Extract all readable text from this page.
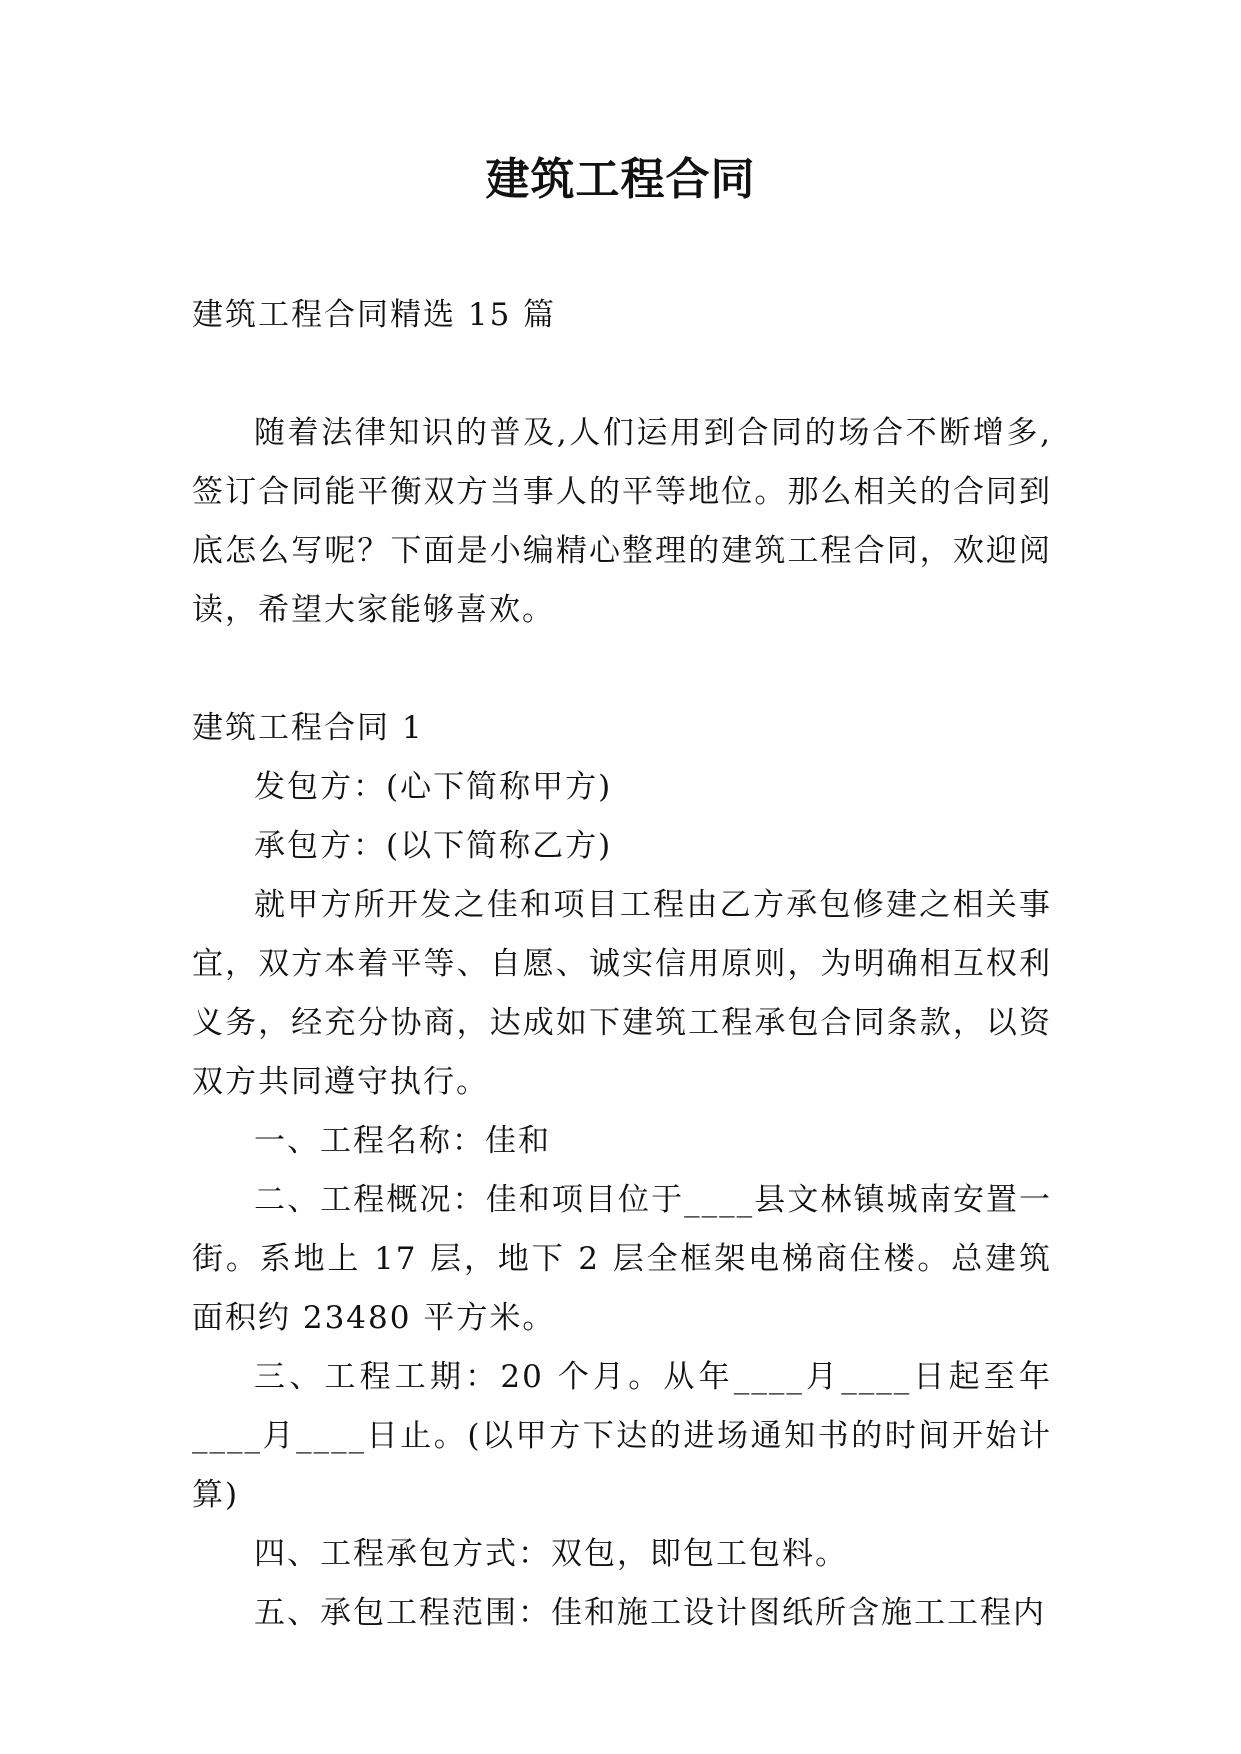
建筑工程合同

建筑工程合同精选 15 篇

随着法律知识的普及,人们运用到合同的场合不断增多,签订合同能平衡双方当事人的平等地位。那么相关的合同到底怎么写呢？下面是小编精心整理的建筑工程合同，欢迎阅读，希望大家能够喜欢。

建筑工程合同 1

发包方：(心下简称甲方)

承包方：(以下简称乙方)

就甲方所开发之佳和项目工程由乙方承包修建之相关事宜，双方本着平等、自愿、诚实信用原则，为明确相互权利义务，经充分协商，达成如下建筑工程承包合同条款，以资双方共同遵守执行。

一、工程名称：佳和

二、工程概况：佳和项目位于____县文林镇城南安置一街。系地上 17 层，地下 2 层全框架电梯商住楼。总建筑面积约 23480 平方米。

三、工程工期：20 个月。从年____月____日起至年____月____日止。(以甲方下达的进场通知书的时间开始计算)

四、工程承包方式：双包，即包工包料。

五、承包工程范围：佳和施工设计图纸所含施工工程内
